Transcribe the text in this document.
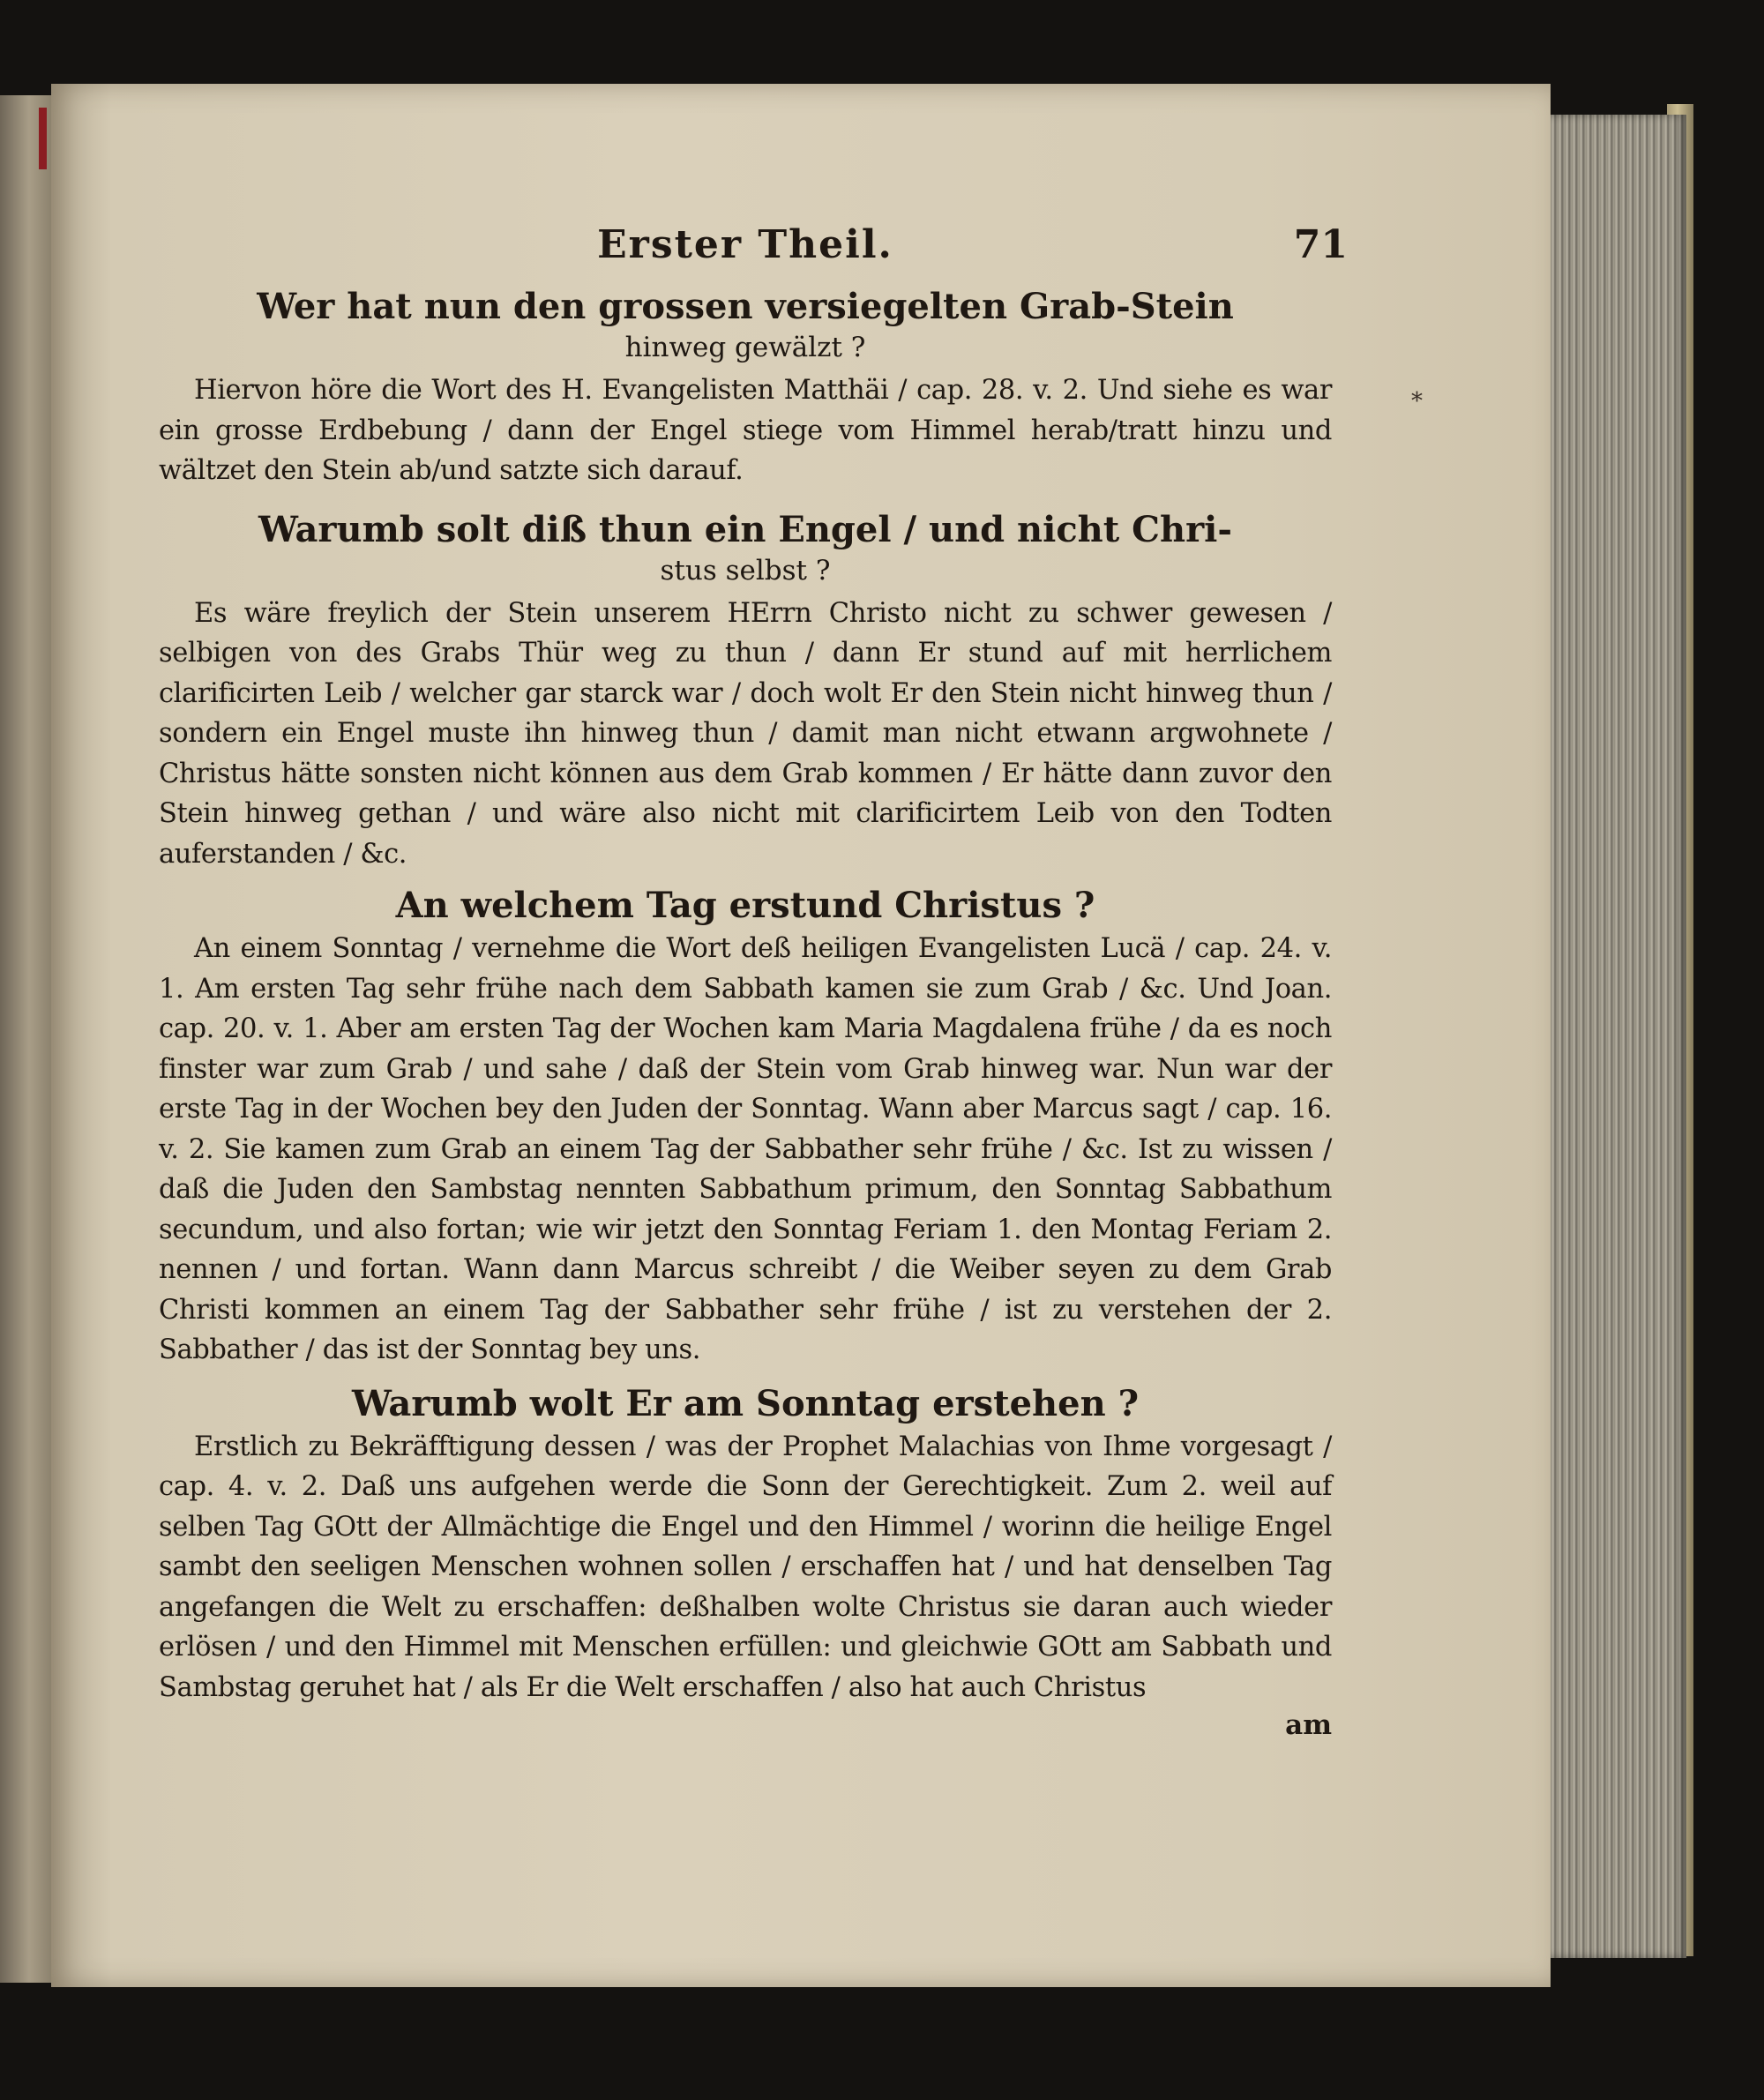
*
Erster Theil.	71

Wer hat nun den grossen versiegelten Grab-Stein

hinweg gewälzt ?

Hiervon höre die Wort des H. Evangelisten Matthäi / cap. 28. v. 2. Und siehe es war ein grosse Erdbebung / dann der Engel stiege vom Himmel herab/tratt hinzu und wältzet den Stein ab/und satzte sich darauf.

Warumb solt diß thun ein Engel / und nicht Chri-

stus selbst ?

Es wäre freylich der Stein unserem HErrn Christo nicht zu schwer gewesen / selbigen von des Grabs Thür weg zu thun / dann Er stund auf mit herrlichem clarificirten Leib / welcher gar starck war / doch wolt Er den Stein nicht hinweg thun / sondern ein Engel muste ihn hinweg thun / damit man nicht etwann argwohnete / Christus hätte sonsten nicht können aus dem Grab kommen / Er hätte dann zuvor den Stein hinweg gethan / und wäre also nicht mit clarificirtem Leib von den Todten auferstanden / &c.

An welchem Tag erstund Christus ?

An einem Sonntag / vernehme die Wort deß heiligen Evangelisten Lucä / cap. 24. v. 1. Am ersten Tag sehr frühe nach dem Sabbath kamen sie zum Grab / &c. Und Joan. cap. 20. v. 1. Aber am ersten Tag der Wochen kam Maria Magdalena frühe / da es noch finster war zum Grab / und sahe / daß der Stein vom Grab hinweg war. Nun war der erste Tag in der Wochen bey den Juden der Sonntag. Wann aber Marcus sagt / cap. 16. v. 2. Sie kamen zum Grab an einem Tag der Sabbather sehr frühe / &c. Ist zu wissen / daß die Juden den Sambstag nennten Sabbathum primum, den Sonntag Sabbathum secundum, und also fortan; wie wir jetzt den Sonntag Feriam 1. den Montag Feriam 2. nennen / und fortan. Wann dann Marcus schreibt / die Weiber seyen zu dem Grab Christi kommen an einem Tag der Sabbather sehr frühe / ist zu verstehen der 2. Sabbather / das ist der Sonntag bey uns.

Warumb wolt Er am Sonntag erstehen ?

Erstlich zu Bekräfftigung dessen / was der Prophet Malachias von Ihme vorgesagt / cap. 4. v. 2. Daß uns aufgehen werde die Sonn der Gerechtigkeit. Zum 2. weil auf selben Tag GOtt der Allmächtige die Engel und den Himmel / worinn die heilige Engel sambt den seeligen Menschen wohnen sollen / erschaffen hat / und hat denselben Tag angefangen die Welt zu erschaffen: deßhalben wolte Christus sie daran auch wieder erlösen / und den Himmel mit Menschen erfüllen: und gleichwie GOtt am Sabbath und Sambstag geruhet hat / als Er die Welt erschaffen / also hat auch Christus

am
